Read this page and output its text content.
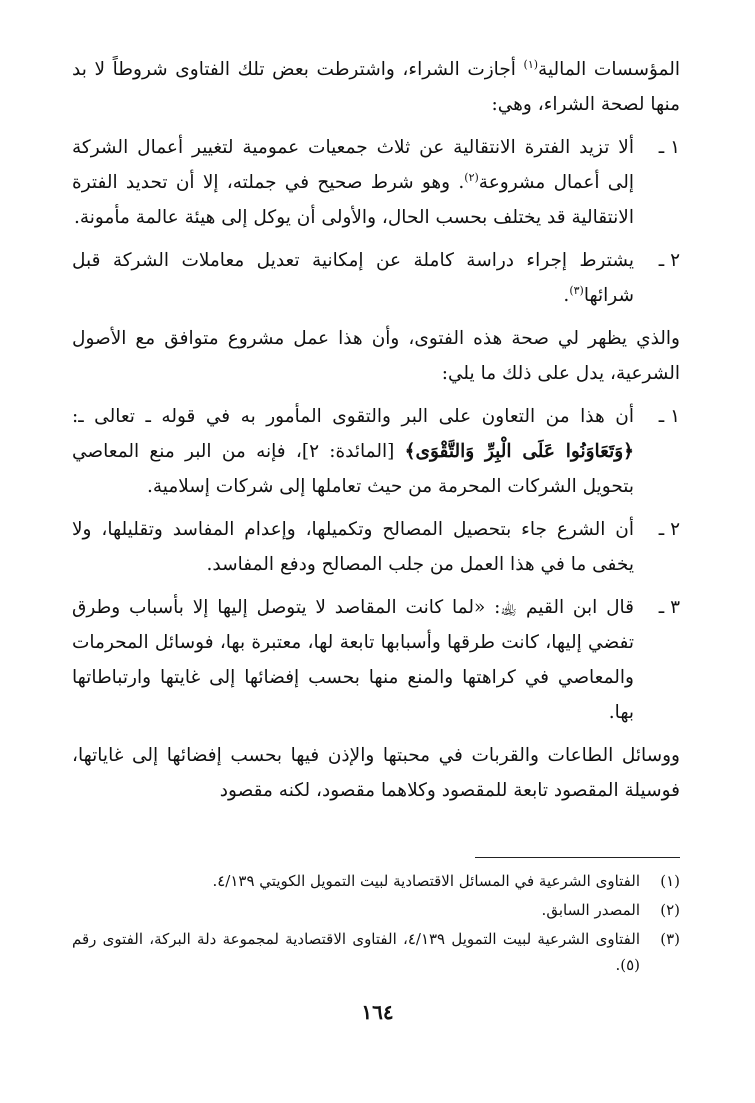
المؤسسات المالية$^{(١)}$ أجازت الشراء، واشترطت بعض تلك الفتاوى شروطاً لا بد منها لصحة الشراء، وهي:

١ ـ
ألا تزيد الفترة الانتقالية عن ثلاث جمعيات عمومية لتغيير أعمال الشركة إلى أعمال مشروعة$^{(٢)}$. وهو شرط صحيح في جملته، إلا أن تحديد الفترة الانتقالية قد يختلف بحسب الحال، والأولى أن يوكل إلى هيئة عالمة مأمونة.
٢ ـ
يشترط إجراء دراسة كاملة عن إمكانية تعديل معاملات الشركة قبل شرائها$^{(٣)}$.

والذي يظهر لي صحة هذه الفتوى، وأن هذا عمل مشروع متوافق مع الأصول الشرعية، يدل على ذلك ما يلي:

١ ـ
أن هذا من التعاون على البر والتقوى المأمور به في قوله ـ تعالى ـ: ﴿وَتَعَاوَنُوا عَلَى الْبِرِّ وَالتَّقْوَى﴾ [المائدة: ٢]، فإنه من البر منع المعاصي بتحويل الشركات المحرمة من حيث تعاملها إلى شركات إسلامية.
٢ ـ
أن الشرع جاء بتحصيل المصالح وتكميلها، وإعدام المفاسد وتقليلها، ولا يخفى ما في هذا العمل من جلب المصالح ودفع المفاسد.
٣ ـ
قال ابن القيم ﵀: «لما كانت المقاصد لا يتوصل إليها إلا بأسباب وطرق تفضي إليها، كانت طرقها وأسبابها تابعة لها، معتبرة بها، فوسائل المحرمات والمعاصي في كراهتها والمنع منها بحسب إفضائها إلى غايتها وارتباطاتها بها.

ووسائل الطاعات والقربات في محبتها والإذن فيها بحسب إفضائها إلى غاياتها، فوسيلة المقصود تابعة للمقصود وكلاهما مقصود، لكنه مقصود

(١)
الفتاوى الشرعية في المسائل الاقتصادية لبيت التمويل الكويتي ٤/١٣٩.
(٢)
المصدر السابق.
(٣)
الفتاوى الشرعية لبيت التمويل ٤/١٣٩، الفتاوى الاقتصادية لمجموعة دلة البركة، الفتوى رقم (٥).
١٦٤
